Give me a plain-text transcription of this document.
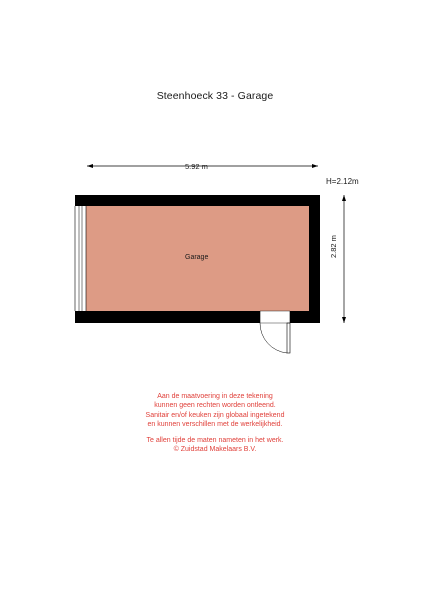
Steenhoeck 33 - Garage
5.92 m
H=2.12m
2.82 m
Garage
Aan de maatvoering in deze tekening
kunnen geen rechten worden ontleend.
Sanitair en/of keuken zijn globaal ingetekend
en kunnen verschillen met de werkelijkheid.
Te allen tijde de maten nameten in het werk.
© Zuidstad Makelaars B.V.
